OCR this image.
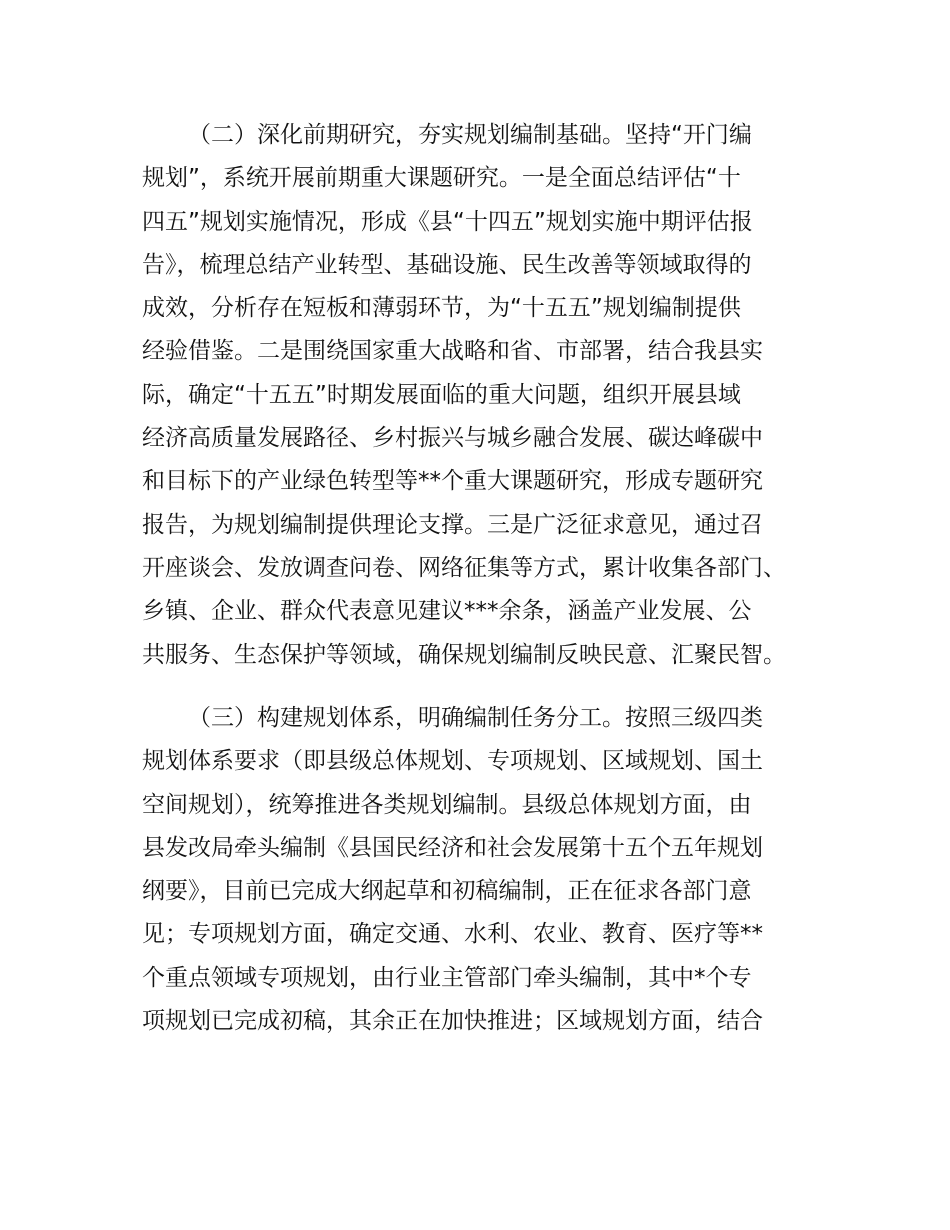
（二）深化前期研究，夯实规划编制基础。坚持“开门编
规划”，系统开展前期重大课题研究。一是全面总结评估“十
四五”规划实施情况，形成《县“十四五”规划实施中期评估报
告》，梳理总结产业转型、基础设施、民生改善等领域取得的
成效，分析存在短板和薄弱环节，为“十五五”规划编制提供
经验借鉴。二是围绕国家重大战略和省、市部署，结合我县实
际，确定“十五五”时期发展面临的重大问题，组织开展县域
经济高质量发展路径、乡村振兴与城乡融合发展、碳达峰碳中
和目标下的产业绿色转型等**个重大课题研究，形成专题研究
报告，为规划编制提供理论支撑。三是广泛征求意见，通过召
开座谈会、发放调查问卷、网络征集等方式，累计收集各部门、
乡镇、企业、群众代表意见建议***余条，涵盖产业发展、公
共服务、生态保护等领域，确保规划编制反映民意、汇聚民智。
（三）构建规划体系，明确编制任务分工。按照三级四类
规划体系要求（即县级总体规划、专项规划、区域规划、国土
空间规划），统筹推进各类规划编制。县级总体规划方面，由
县发改局牵头编制《县国民经济和社会发展第十五个五年规划
纲要》，目前已完成大纲起草和初稿编制，正在征求各部门意
见；专项规划方面，确定交通、水利、农业、教育、医疗等**
个重点领域专项规划，由行业主管部门牵头编制，其中*个专
项规划已完成初稿，其余正在加快推进；区域规划方面，结合
